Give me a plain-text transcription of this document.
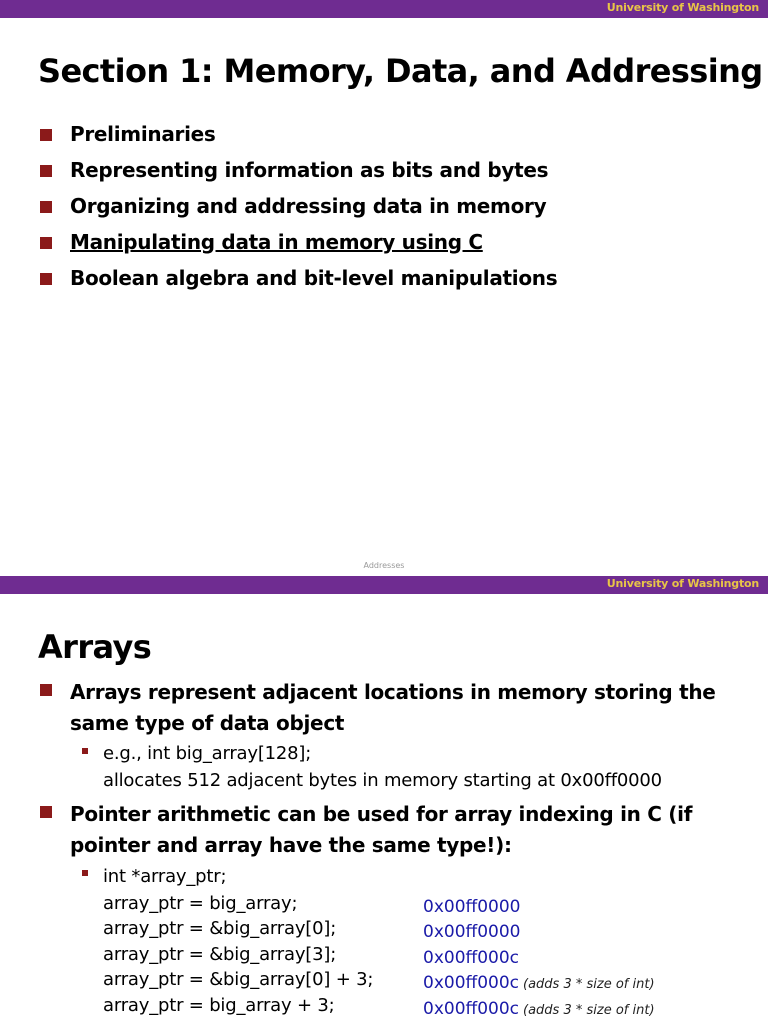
University of Washington
Section 1: Memory, Data, and Addressing
Preliminaries
Representing information as bits and bytes
Organizing and addressing data in memory
Manipulating data in memory using C
Boolean algebra and bit-level manipulations
Addresses
University of Washington
Arrays
Arrays represent adjacent locations in memory storing the
same type of data object
e.g., int big_array[128];
allocates 512 adjacent bytes in memory starting at 0x00ff0000
Pointer arithmetic can be used for array indexing in C (if
pointer and array have the same type!):
int *array_ptr;
array_ptr = big_array;
array_ptr = &big_array[0];
array_ptr = &big_array[3];
array_ptr = &big_array[0] + 3;
array_ptr = big_array + 3;
0x00ff0000
0x00ff0000
0x00ff000c
0x00ff000c (adds 3 * size of int)
0x00ff000c (adds 3 * size of int)
